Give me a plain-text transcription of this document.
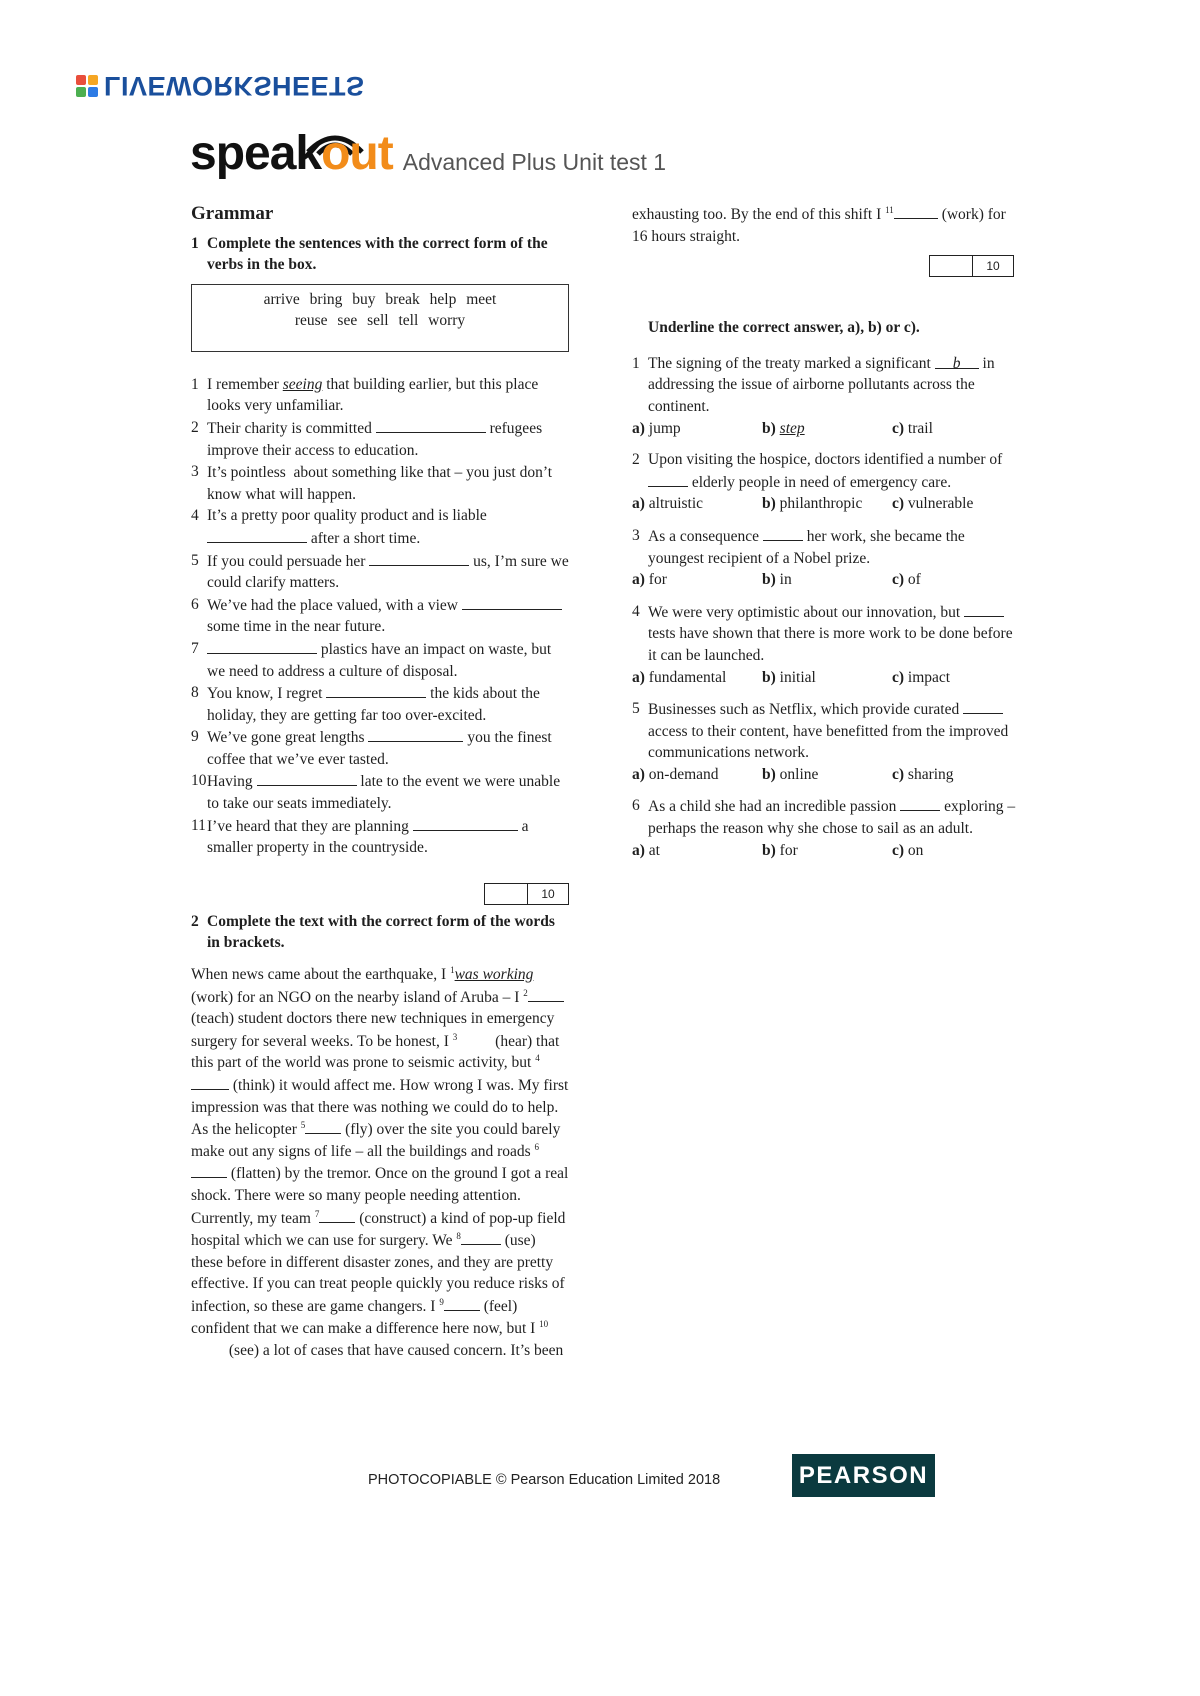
LIVEWORKSHEETS
speak out Advanced Plus Unit test 1
Grammar
1 Complete the sentences with the correct form of the verbs in the box.
arrive bring buy break help meet
reuse see sell tell worry
1 I remember seeing that building earlier, but this place looks very unfamiliar.
2 Their charity is committed	refugees improve their access to education.
3 It’s pointless  about something like that – you just don’t know what will happen.
4 It’s a pretty poor quality product and is liable  after a short time.
5 If you could persuade her	us, I’m sure we could clarify matters.
6 We’ve had the place valued, with a view  some time in the near future.
7	plastics have an impact on waste, but we need to address a culture of disposal.
8 You know, I regret	the kids about the holiday, they are getting far too over-excited.
9 We’ve gone great lengths	you the finest coffee that we’ve ever tasted.
10 Having	late to the event we were unable to take our seats immediately.
11 I’ve heard that they are planning	a smaller property in the countryside.
10
2 Complete the text with the correct form of the words in brackets.
When news came about the earthquake, I $^1$was working (work) for an NGO on the nearby island of Aruba – I $^2$ (teach) student doctors there new techniques in emergency surgery for several weeks. To be honest, I $^3$ (hear) that this part of the world was prone to seismic activity, but $^4$ (think) it would affect me. How wrong I was. My first impression was that there was nothing we could do to help. As the helicopter $^5$ (fly) over the site you could barely make out any signs of life – all the buildings and roads $^6$ (flatten) by the tremor. Once on the ground I got a real shock. There were so many people needing attention. Currently, my team $^7$ (construct) a kind of pop-up field hospital which we can use for surgery. We $^8$	(use) these before in different disaster zones, and they are pretty effective. If you can treat people quickly you reduce risks of infection, so these are game changers. I $^9$ (feel) confident that we can make a difference here now, but I $^{10}$ (see) a lot of cases that have caused concern. It’s been
exhausting too. By the end of this shift I $^{11}$	(work) for 16 hours straight.
10
Underline the correct answer, a), b) or c).
1 The signing of the treaty marked a significant b in addressing the issue of airborne pollutants across the continent.
a) jump	b) step	c) trail
2 Upon visiting the hospice, doctors identified a number of  elderly people in need of emergency care.
a) altruistic	b) philanthropic	c) vulnerable
3 As a consequence	her work, she became the youngest recipient of a Nobel prize.
a) for	b) in	c) of
4 We were very optimistic about our innovation, but  tests have shown that there is more work to be done before it can be launched.
a) fundamental	b) initial	c) impact
5 Businesses such as Netflix, which provide curated  access to their content, have benefitted from the improved communications network.
a) on-demand	b) online	c) sharing
6 As a child she had an incredible passion	exploring – perhaps the reason why she chose to sail as an adult.
a) at	b) for	c) on
PHOTOCOPIABLE © Pearson Education Limited 2018	PEARSON
